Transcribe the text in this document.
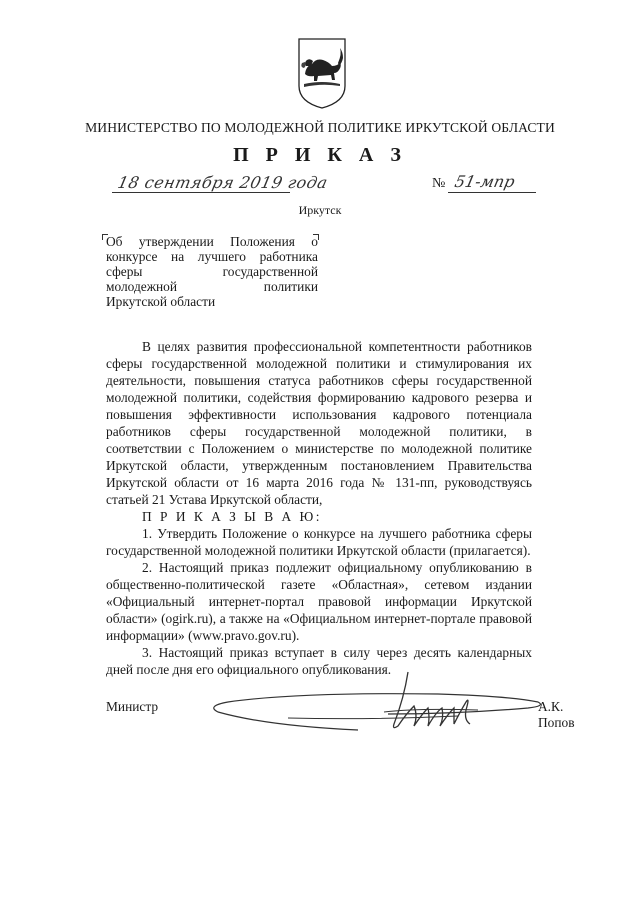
МИНИСТЕРСТВО ПО МОЛОДЕЖНОЙ ПОЛИТИКЕ ИРКУТСКОЙ ОБЛАСТИ
П Р И К А З
18 сентября 2019 года	№ 51-мпр
Иркутск
Об утверждении Положения о
конкурсе на лучшего работника
сферы государственной
молодежной политики
Иркутской области

В целях развития профессиональной компетентности работников сферы государственной молодежной политики и стимулирования их деятельности, повышения статуса работников сферы государственной молодежной политики, содействия формированию кадрового резерва и повышения эффективности использования кадрового потенциала работников сферы государственной молодежной политики, в соответствии с Положением о министерстве по молодежной политике Иркутской области, утвержденным постановлением Правительства Иркутской области от 16 марта 2016 года № 131-пп, руководствуясь статьей 21 Устава Иркутской области,

П Р И К А З Ы В А Ю:

1. Утвердить Положение о конкурсе на лучшего работника сферы государственной молодежной политики Иркутской области (прилагается).

2. Настоящий приказ подлежит официальному опубликованию в общественно-политической газете «Областная», сетевом издании «Официальный интернет-портал правовой информации Иркутской области» (ogirk.ru), а также на «Официальном интернет-портале правовой информации» (www.pravo.gov.ru).

3. Настоящий приказ вступает в силу через десять календарных дней после дня его официального опубликования.

Министр	А.К. Попов
